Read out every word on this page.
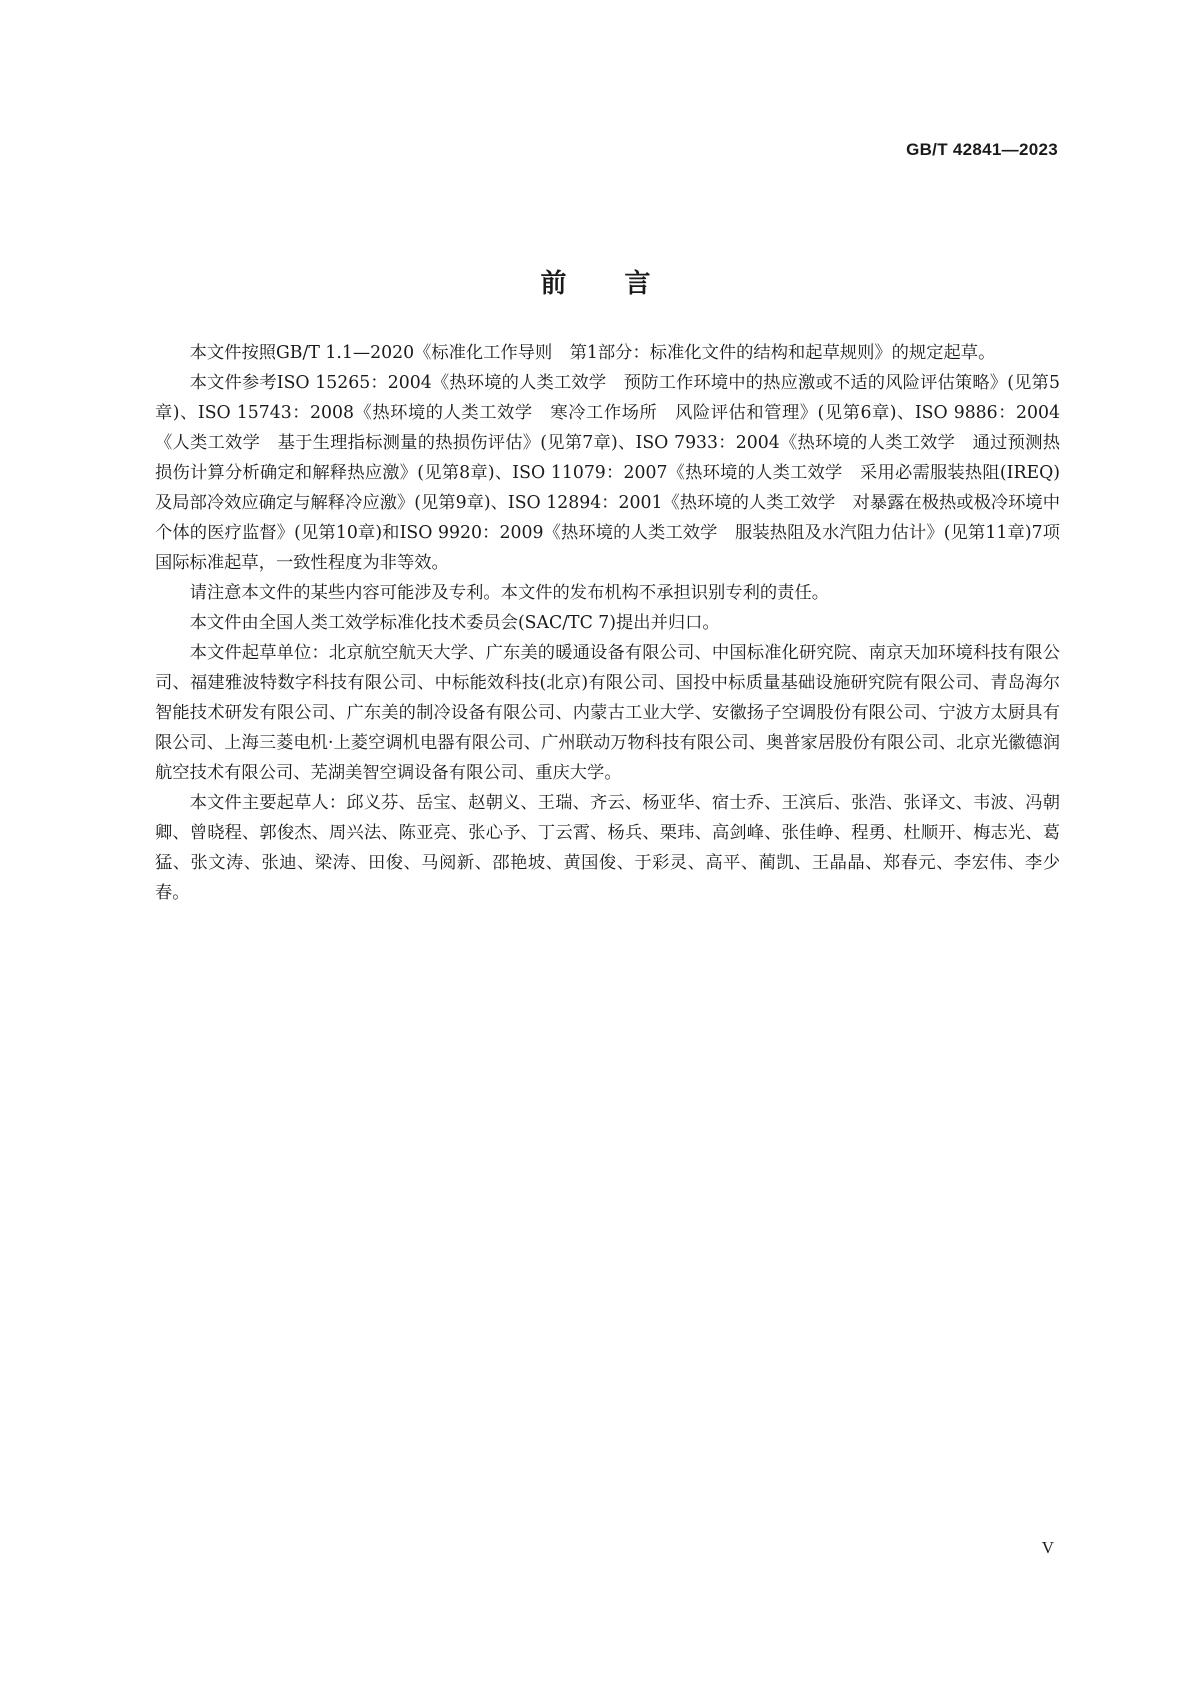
GB/T 42841—2023
前言

本文件按照GB/T 1.1—2020《标准化工作导则　第1部分：标准化文件的结构和起草规则》的规定起草。

本文件参考ISO 15265：2004《热环境的人类工效学　预防工作环境中的热应激或不适的风险评估策略》(见第5章)、ISO 15743：2008《热环境的人类工效学　寒冷工作场所　风险评估和管理》(见第6章)、ISO 9886：2004《人类工效学　基于生理指标测量的热损伤评估》(见第7章)、ISO 7933：2004《热环境的人类工效学　通过预测热损伤计算分析确定和解释热应激》(见第8章)、ISO 11079：2007《热环境的人类工效学　采用必需服装热阻(IREQ)及局部冷效应确定与解释冷应激》(见第9章)、ISO 12894：2001《热环境的人类工效学　对暴露在极热或极冷环境中个体的医疗监督》(见第10章)和ISO 9920：2009《热环境的人类工效学　服装热阻及水汽阻力估计》(见第11章)7项国际标准起草，一致性程度为非等效。

请注意本文件的某些内容可能涉及专利。本文件的发布机构不承担识别专利的责任。

本文件由全国人类工效学标准化技术委员会(SAC/TC 7)提出并归口。

本文件起草单位：北京航空航天大学、广东美的暖通设备有限公司、中国标准化研究院、南京天加环境科技有限公司、福建雅波特数字科技有限公司、中标能效科技(北京)有限公司、国投中标质量基础设施研究院有限公司、青岛海尔智能技术研发有限公司、广东美的制冷设备有限公司、内蒙古工业大学、安徽扬子空调股份有限公司、宁波方太厨具有限公司、上海三菱电机·上菱空调机电器有限公司、广州联动万物科技有限公司、奥普家居股份有限公司、北京光徽德润航空技术有限公司、芜湖美智空调设备有限公司、重庆大学。

本文件主要起草人：邱义芬、岳宝、赵朝义、王瑞、齐云、杨亚华、宿士乔、王滨后、张浩、张译文、韦波、冯朝卿、曾晓程、郭俊杰、周兴法、陈亚亮、张心予、丁云霄、杨兵、栗玮、高剑峰、张佳峥、程勇、杜顺开、梅志光、葛猛、张文涛、张迪、梁涛、田俊、马阅新、邵艳坡、黄国俊、于彩灵、高平、蔺凯、王晶晶、郑春元、李宏伟、李少春。

V
